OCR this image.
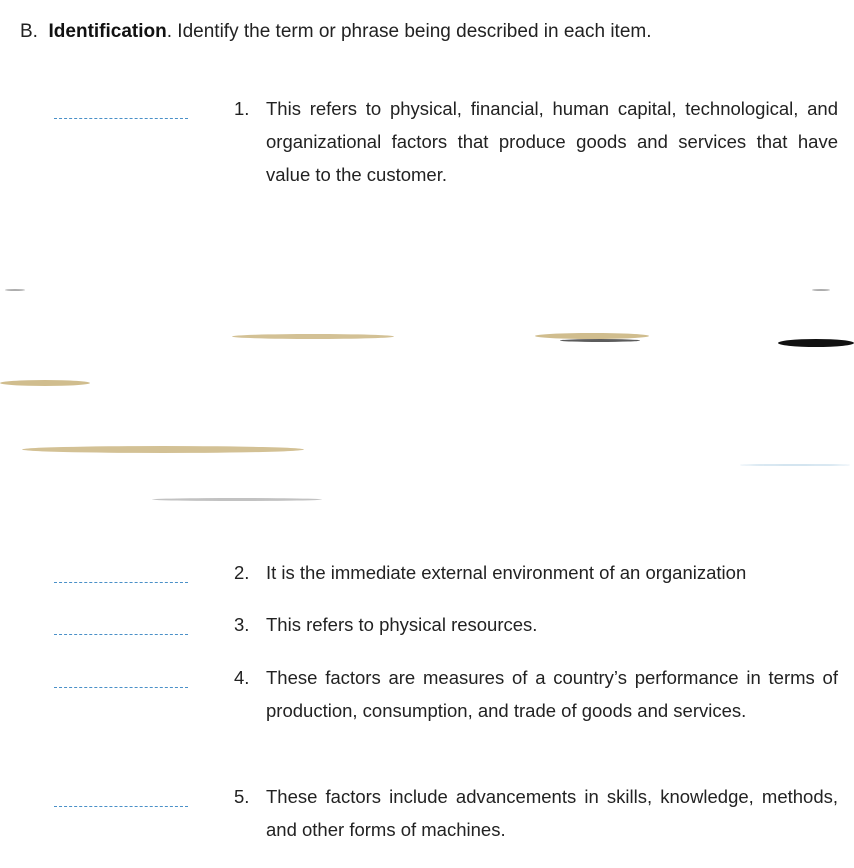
B. Identification. Identify the term or phrase being described in each item.
1. This refers to physical, financial, human capital, technological, and organizational factors that produce goods and services that have value to the customer.
2. It is the immediate external environment of an organization
3. This refers to physical resources.
4. These factors are measures of a country’s performance in terms of production, consumption, and trade of goods and services.
5. These factors include advancements in skills, knowledge, methods, and other forms of machines.
